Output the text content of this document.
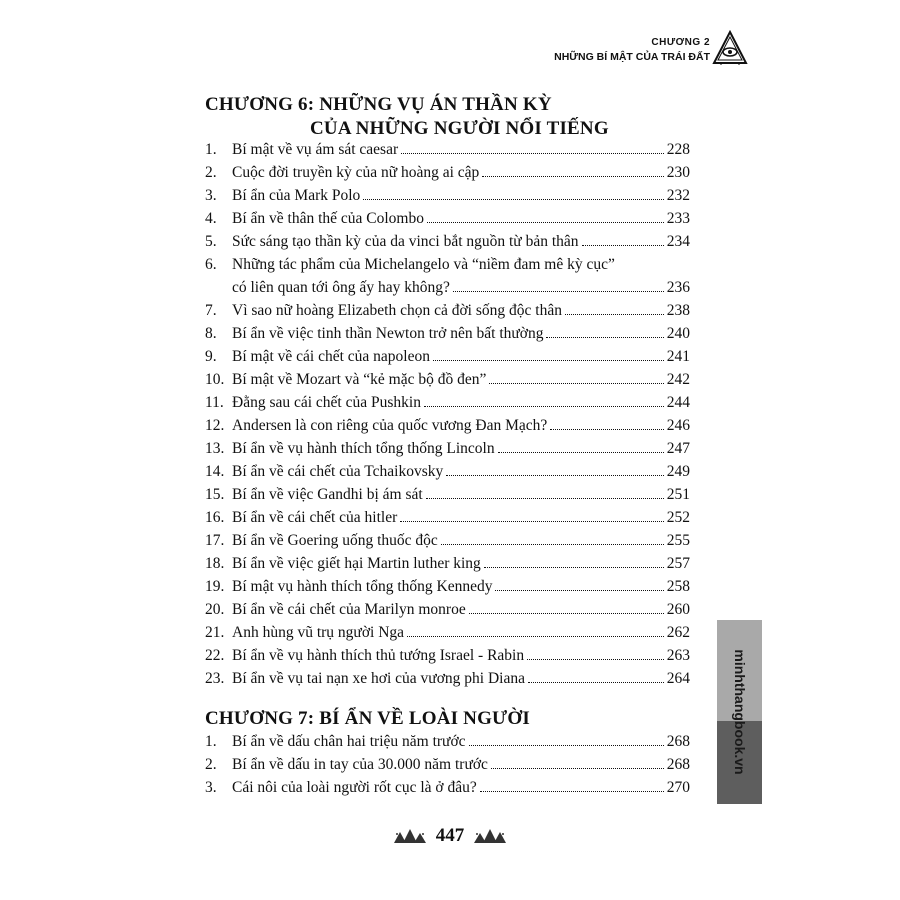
CHƯƠNG 2
NHỮNG BÍ MẬT CỦA TRÁI ĐẤT
CHƯƠNG 6: NHỮNG VỤ ÁN THẦN KỲ
CỦA NHỮNG NGƯỜI NỔI TIẾNG
1. Bí mật về vụ ám sát caesar	228
2. Cuộc đời truyền kỳ của nữ hoàng ai cập	230
3. Bí ẩn của Mark Polo	232
4. Bí ẩn về thân thế của Colombo	233
5. Sức sáng tạo thần kỳ của da vinci bắt nguồn từ bản thân	234
6. Những tác phẩm của Michelangelo và “niềm đam mê kỳ cục”
có liên quan tới ông ấy hay không?	236
7. Vì sao nữ hoàng Elizabeth chọn cả đời sống độc thân	238
8. Bí ẩn về việc tinh thần Newton trở nên bất thường	240
9. Bí mật về cái chết của napoleon	241
10. Bí mật về Mozart và “kẻ mặc bộ đồ đen”	242
11. Đằng sau cái chết của Pushkin	244
12. Andersen là con riêng của quốc vương Đan Mạch?	246
13. Bí ẩn về vụ hành thích tổng thống Lincoln	247
14. Bí ẩn về cái chết của Tchaikovsky	249
15. Bí ẩn về việc Gandhi bị ám sát	251
16. Bí ẩn về cái chết của hitler	252
17. Bí ẩn về Goering uống thuốc độc	255
18. Bí ẩn về việc giết hại Martin luther king	257
19. Bí mật vụ hành thích tổng thống Kennedy	258
20. Bí ẩn về cái chết của Marilyn monroe	260
21. Anh hùng vũ trụ người Nga	262
22. Bí ẩn về vụ hành thích thủ tướng Israel - Rabin	263
23. Bí ẩn về vụ tai nạn xe hơi của vương phi Diana	264
CHƯƠNG 7: BÍ ẨN VỀ LOÀI NGƯỜI
1. Bí ẩn về dấu chân hai triệu năm trước	268
2. Bí ẩn về dấu in tay của 30.000 năm trước	268
3. Cái nôi của loài người rốt cục là ở đâu?	270
minhthangbook.vn
447
